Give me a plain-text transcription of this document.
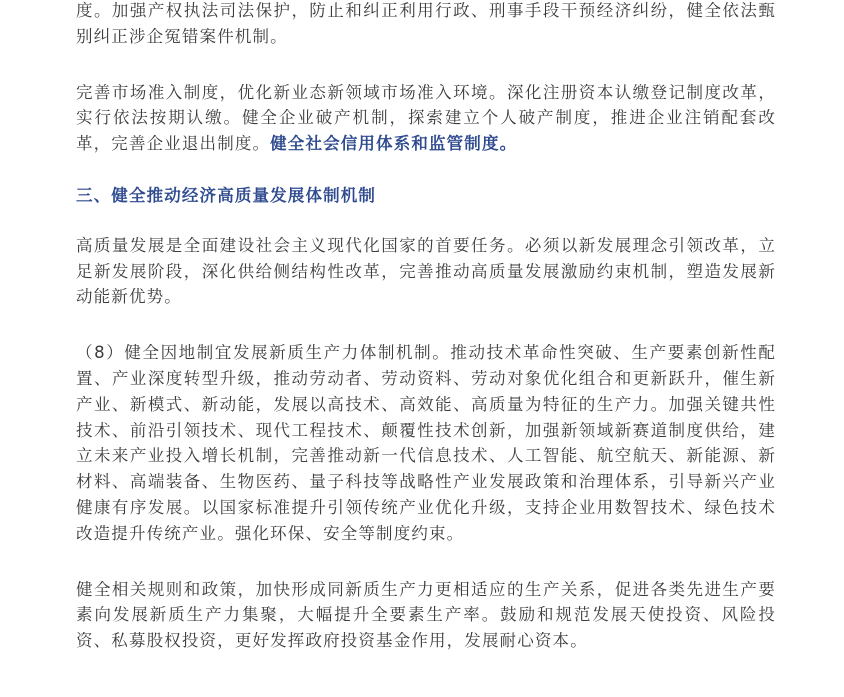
度。加强产权执法司法保护，防止和纠正利用行政、刑事手段干预经济纠纷，健全依法甄别纠正涉企冤错案件机制。

完善市场准入制度，优化新业态新领域市场准入环境。深化注册资本认缴登记制度改革，实行依法按期认缴。健全企业破产机制，探索建立个人破产制度，推进企业注销配套改革，完善企业退出制度。健全社会信用体系和监管制度。

三、健全推动经济高质量发展体制机制

高质量发展是全面建设社会主义现代化国家的首要任务。必须以新发展理念引领改革，立足新发展阶段，深化供给侧结构性改革，完善推动高质量发展激励约束机制，塑造发展新动能新优势。

（8）健全因地制宜发展新质生产力体制机制。推动技术革命性突破、生产要素创新性配置、产业深度转型升级，推动劳动者、劳动资料、劳动对象优化组合和更新跃升，催生新产业、新模式、新动能，发展以高技术、高效能、高质量为特征的生产力。加强关键共性技术、前沿引领技术、现代工程技术、颠覆性技术创新，加强新领域新赛道制度供给，建立未来产业投入增长机制，完善推动新一代信息技术、人工智能、航空航天、新能源、新材料、高端装备、生物医药、量子科技等战略性产业发展政策和治理体系，引导新兴产业健康有序发展。以国家标准提升引领传统产业优化升级，支持企业用数智技术、绿色技术改造提升传统产业。强化环保、安全等制度约束。

健全相关规则和政策，加快形成同新质生产力更相适应的生产关系，促进各类先进生产要素向发展新质生产力集聚，大幅提升全要素生产率。鼓励和规范发展天使投资、风险投资、私募股权投资，更好发挥政府投资基金作用，发展耐心资本。
